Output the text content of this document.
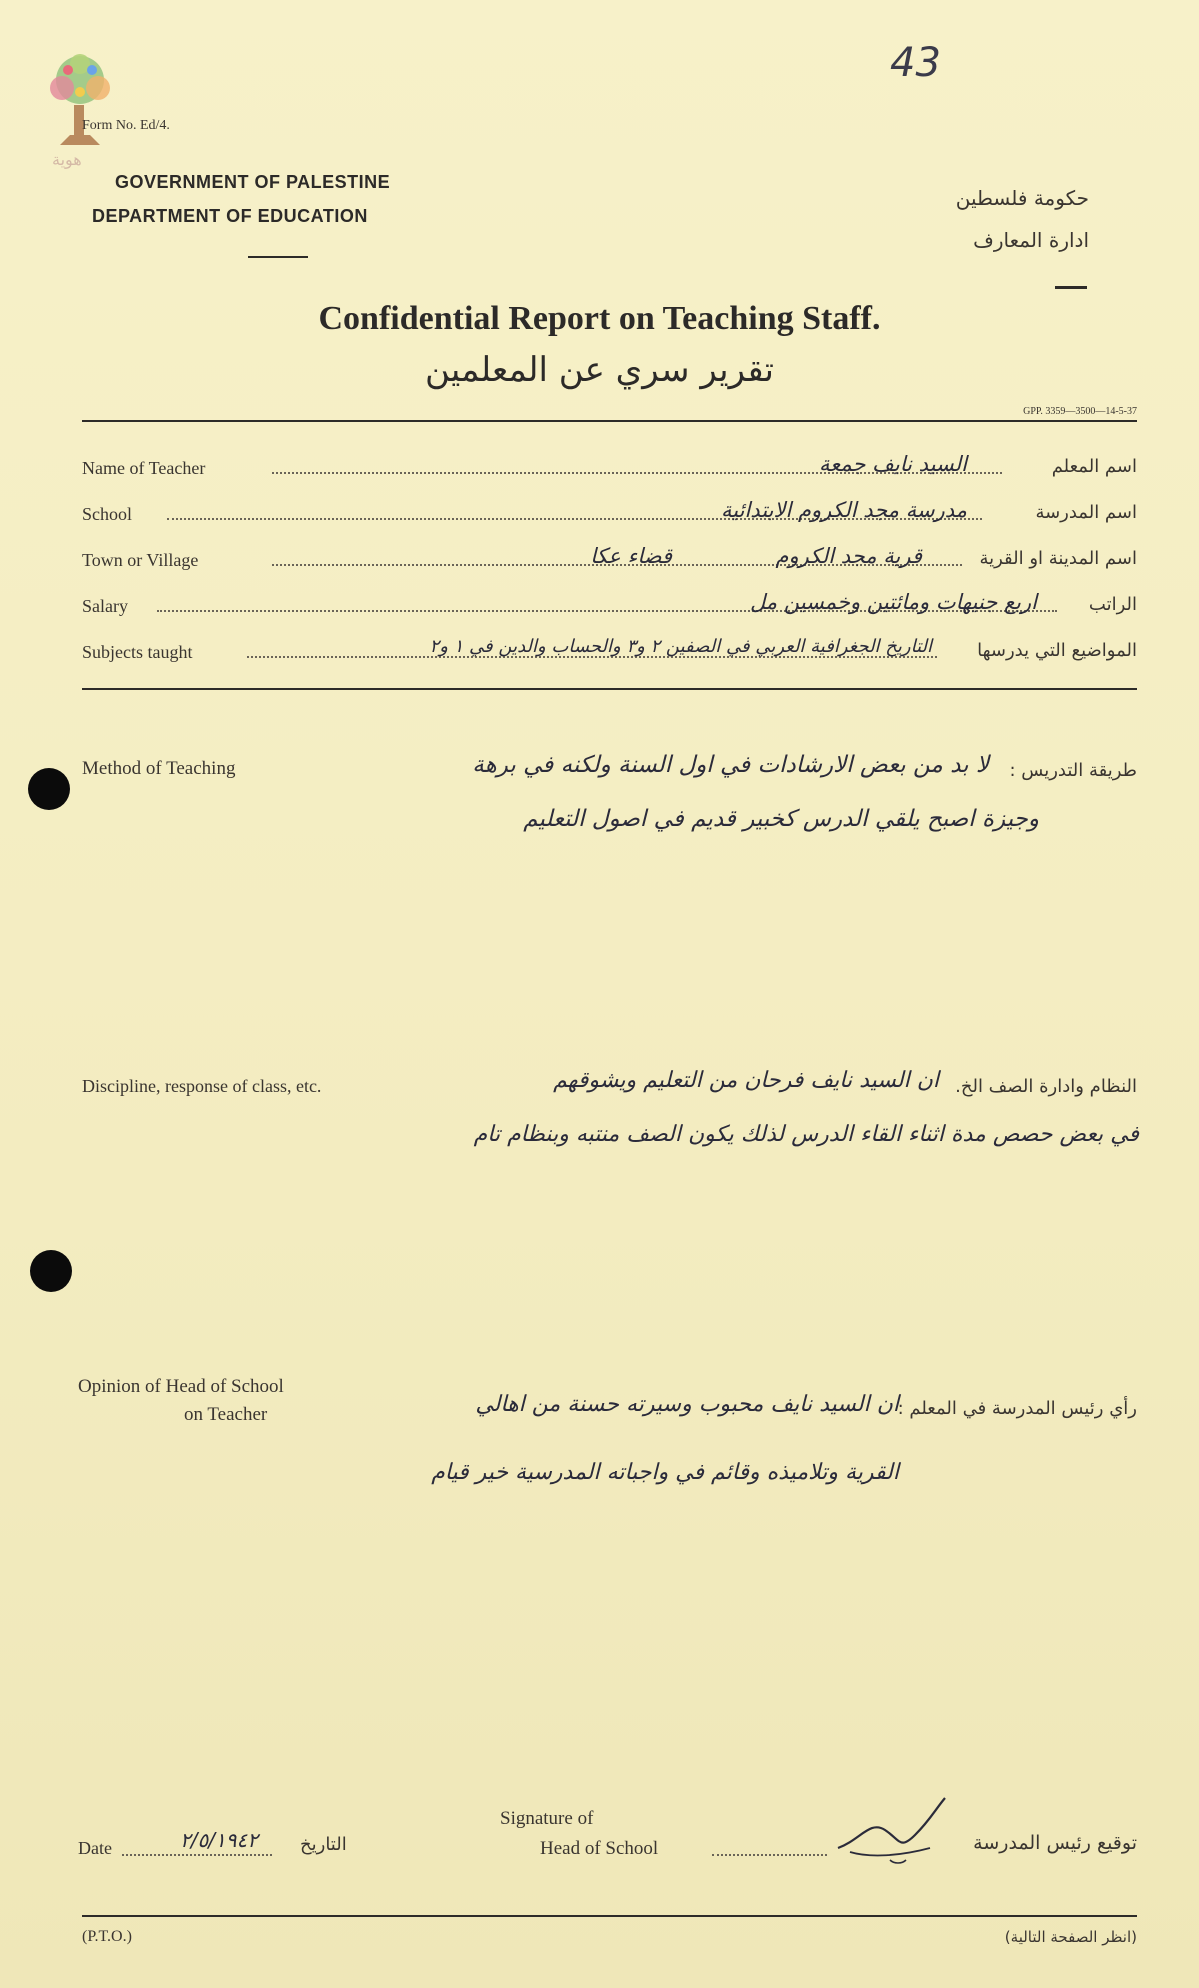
43
هوية
Form No. Ed/4.
GOVERNMENT OF PALESTINE
DEPARTMENT OF EDUCATION
حكومة فلسطين
ادارة المعارف
Confidential Report on Teaching Staff.
تقرير سري عن المعلمين
GPP. 3359—3500—14-5-37
Name of Teacher	السيد نايف جمعة	اسم المعلم
School	مدرسة مجد الكروم الابتدائية	اسم المدرسة
Town or Village	قضاء عكا	قرية مجد الكروم	اسم المدينة او القرية
Salary	اربع جنيهات ومائتين وخمسين مل	الراتب
Subjects taught	التاريخ الجغرافية العربي في الصفين ٢ و٣ والحساب والدين في ١ و٢	المواضيع التي يدرسها
Method of Teaching	طريقة التدريس :
لا بد من بعض الارشادات في اول السنة ولكنه في برهة
وجيزة اصبح يلقي الدرس كخبير قديم في اصول التعليم
Discipline, response of class, etc.	النظام وادارة الصف الخ.
ان السيد نايف فرحان من التعليم ويشوقهم
في بعض حصص مدة اثناء القاء الدرس لذلك يكون الصف منتبه وبنظام تام
Opinion of Head of School
on Teacher	رأي رئيس المدرسة في المعلم :
ان السيد نايف محبوب وسيرته حسنة من اهالي
القرية وتلاميذه وقائم في واجباته المدرسية خير قيام
Date	٢/٥/١٩٤٢ التاريخ
Signature of
Head of School	توقيع رئيس المدرسة
(P.T.O.)	(انظر الصفحة التالية)
